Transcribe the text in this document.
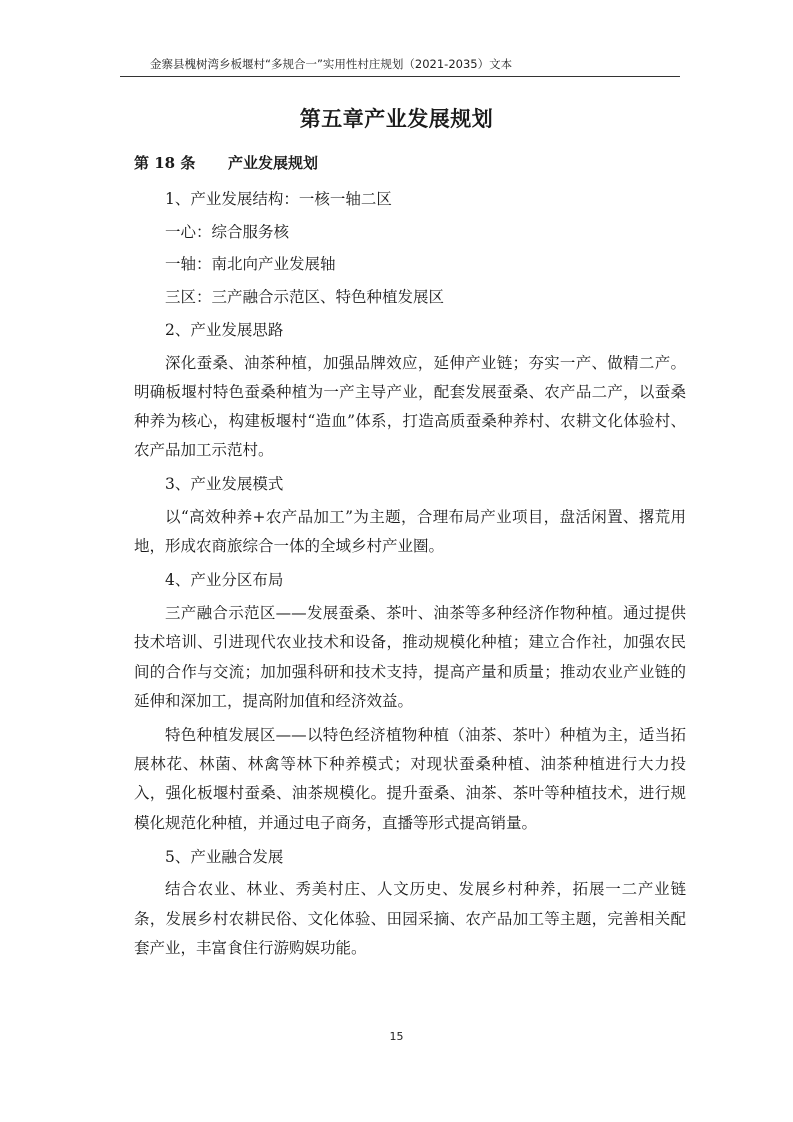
金寨县槐树湾乡板堰村“多规合一”实用性村庄规划（2021-2035）文本
第五章产业发展规划
第 18 条 产业发展规划

1、产业发展结构：一核一轴二区

一心：综合服务核

一轴：南北向产业发展轴

三区：三产融合示范区、特色种植发展区

2、产业发展思路

深化蚕桑、油茶种植，加强品牌效应，延伸产业链；夯实一产、做精二产。明确板堰村特色蚕桑种植为一产主导产业，配套发展蚕桑、农产品二产，以蚕桑种养为核心，构建板堰村“造血”体系，打造高质蚕桑种养村、农耕文化体验村、农产品加工示范村。

3、产业发展模式

以“高效种养+农产品加工”为主题，合理布局产业项目，盘活闲置、撂荒用地，形成农商旅综合一体的全域乡村产业圈。

4、产业分区布局

三产融合示范区——发展蚕桑、茶叶、油茶等多种经济作物种植。通过提供技术培训、引进现代农业技术和设备，推动规模化种植；建立合作社，加强农民间的合作与交流；加加强科研和技术支持，提高产量和质量；推动农业产业链的延伸和深加工，提高附加值和经济效益。

特色种植发展区——以特色经济植物种植（油茶、茶叶）种植为主，适当拓展林花、林菌、林禽等林下种养模式；对现状蚕桑种植、油茶种植进行大力投入，强化板堰村蚕桑、油茶规模化。提升蚕桑、油茶、茶叶等种植技术，进行规模化规范化种植，并通过电子商务，直播等形式提高销量。

5、产业融合发展

结合农业、林业、秀美村庄、人文历史、发展乡村种养，拓展一二产业链条，发展乡村农耕民俗、文化体验、田园采摘、农产品加工等主题，完善相关配套产业，丰富食住行游购娱功能。

15
